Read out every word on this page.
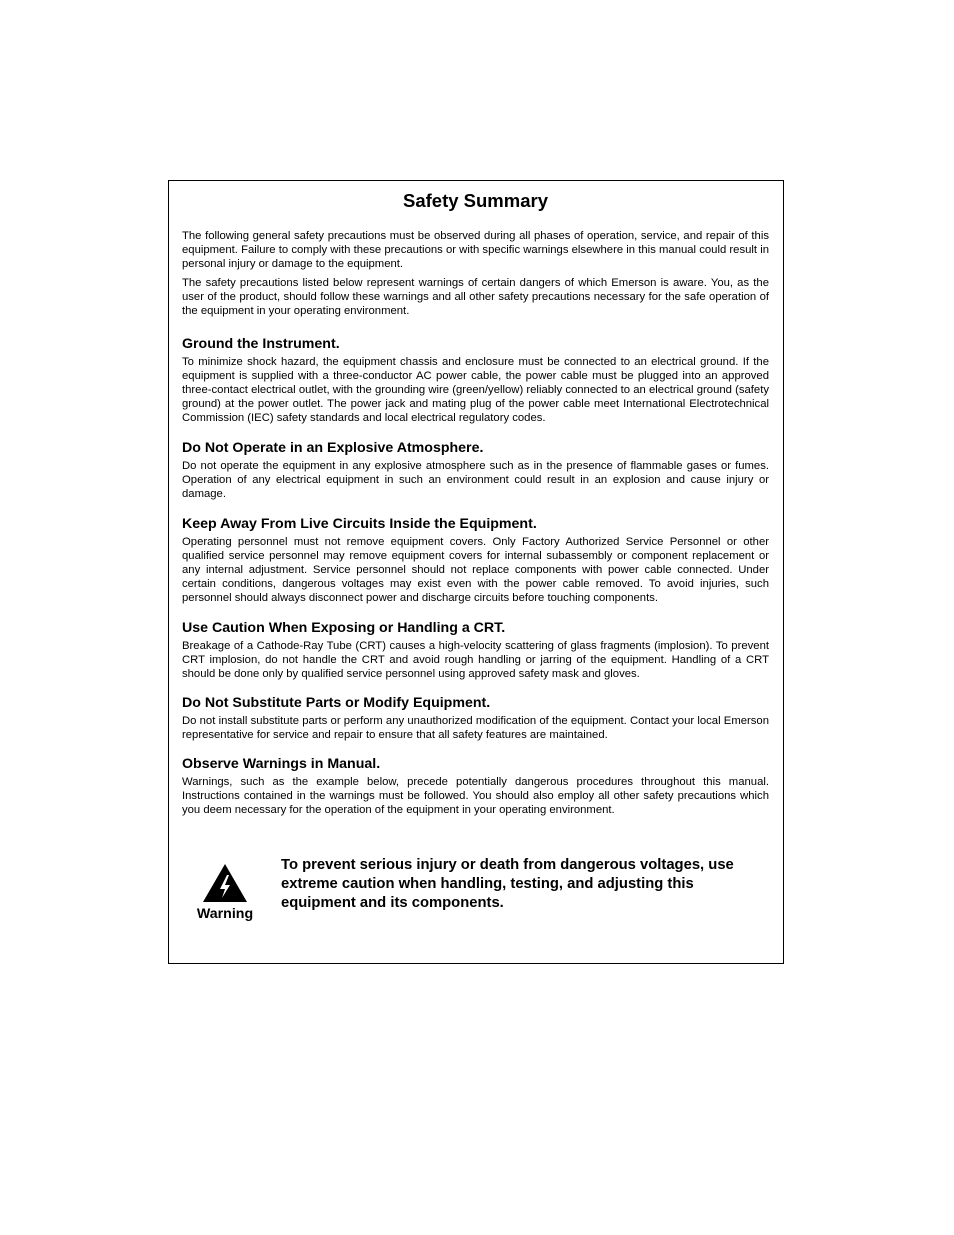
Safety Summary

The following general safety precautions must be observed during all phases of operation, service, and repair of this equipment. Failure to comply with these precautions or with specific warnings elsewhere in this manual could result in personal injury or damage to the equipment.

The safety precautions listed below represent warnings of certain dangers of which Emerson is aware. You, as the user of the product, should follow these warnings and all other safety precautions necessary for the safe operation of the equipment in your operating environment.

Ground the Instrument.

To minimize shock hazard, the equipment chassis and enclosure must be connected to an electrical ground. If the equipment is supplied with a three-conductor AC power cable, the power cable must be plugged into an approved three-contact electrical outlet, with the grounding wire (green/yellow) reliably connected to an electrical ground (safety ground) at the power outlet. The power jack and mating plug of the power cable meet International Electrotechnical Commission (IEC) safety standards and local electrical regulatory codes.

Do Not Operate in an Explosive Atmosphere.

Do not operate the equipment in any explosive atmosphere such as in the presence of flammable gases or fumes. Operation of any electrical equipment in such an environment could result in an explosion and cause injury or damage.

Keep Away From Live Circuits Inside the Equipment.

Operating personnel must not remove equipment covers. Only Factory Authorized Service Personnel or other qualified service personnel may remove equipment covers for internal subassembly or component replacement or any internal adjustment. Service personnel should not replace components with power cable connected. Under certain conditions, dangerous voltages may exist even with the power cable removed. To avoid injuries, such personnel should always disconnect power and discharge circuits before touching components.

Use Caution When Exposing or Handling a CRT.

Breakage of a Cathode-Ray Tube (CRT) causes a high-velocity scattering of glass fragments (implosion). To prevent CRT implosion, do not handle the CRT and avoid rough handling or jarring of the equipment. Handling of a CRT should be done only by qualified service personnel using approved safety mask and gloves.

Do Not Substitute Parts or Modify Equipment.

Do not install substitute parts or perform any unauthorized modification of the equipment. Contact your local Emerson representative for service and repair to ensure that all safety features are maintained.

Observe Warnings in Manual.

Warnings, such as the example below, precede potentially dangerous procedures throughout this manual. Instructions contained in the warnings must be followed. You should also employ all other safety precautions which you deem necessary for the operation of the equipment in your operating environment.

Warning
To prevent serious injury or death from dangerous voltages, use extreme caution when handling, testing, and adjusting this equipment and its components.
